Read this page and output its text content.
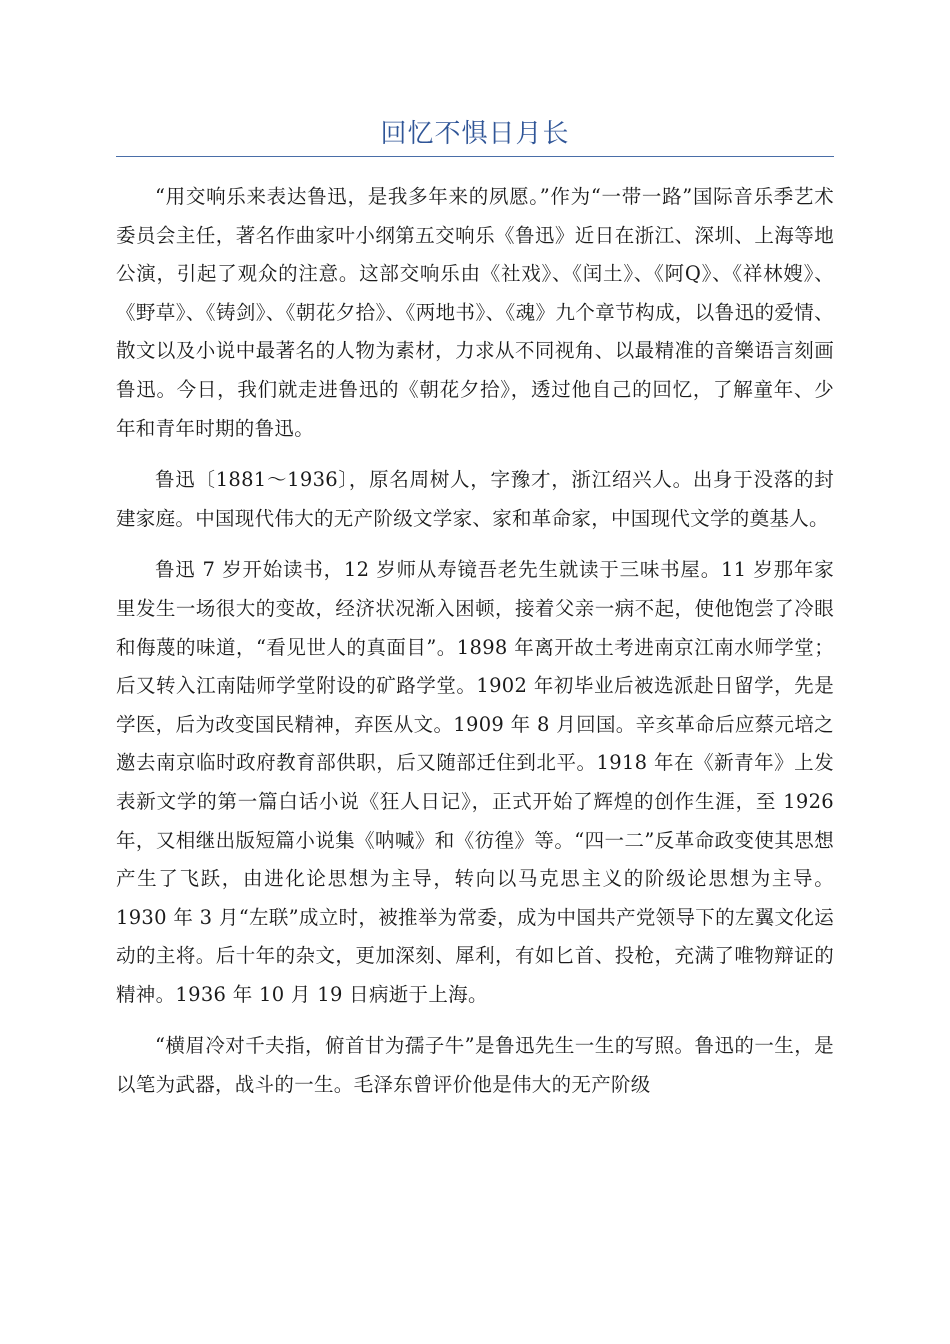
回忆不惧日月长

“用交响乐来表达鲁迅，是我多年来的夙愿。”作为“一带一路”国际音乐季艺术委员会主任，著名作曲家叶小纲第五交响乐《鲁迅》近日在浙江、深圳、上海等地公演，引起了观众的注意。这部交响乐由《社戏》、《闰土》、《阿Q》、《祥林嫂》、《野草》、《铸剑》、《朝花夕拾》、《两地书》、《魂》九个章节构成，以鲁迅的爱情、散文以及小说中最著名的人物为素材，力求从不同视角、以最精准的音樂语言刻画鲁迅。今日，我们就走进鲁迅的《朝花夕拾》，透过他自己的回忆，了解童年、少年和青年时期的鲁迅。

鲁迅〔1881～1936〕，原名周树人，字豫才，浙江绍兴人。出身于没落的封建家庭。中国现代伟大的无产阶级文学家、家和革命家，中国现代文学的奠基人。

鲁迅 7 岁开始读书，12 岁师从寿镜吾老先生就读于三味书屋。11 岁那年家里发生一场很大的变故，经济状况渐入困顿，接着父亲一病不起，使他饱尝了冷眼和侮蔑的味道，“看见世人的真面目”。1898 年离开故土考进南京江南水师学堂；后又转入江南陆师学堂附设的矿路学堂。1902 年初毕业后被选派赴日留学，先是学医，后为改变国民精神，弃医从文。1909 年 8 月回国。辛亥革命后应蔡元培之邀去南京临时政府教育部供职，后又随部迁住到北平。1918 年在《新青年》上发表新文学的第一篇白话小说《狂人日记》，正式开始了辉煌的创作生涯，至 1926 年，又相继出版短篇小说集《呐喊》和《彷徨》等。“四一二”反革命政变使其思想产生了飞跃，由进化论思想为主导，转向以马克思主义的阶级论思想为主导。1930 年 3 月“左联”成立时，被推举为常委，成为中国共产党领导下的左翼文化运动的主将。后十年的杂文，更加深刻、犀利，有如匕首、投枪，充满了唯物辩证的精神。1936 年 10 月 19 日病逝于上海。

“横眉冷对千夫指，俯首甘为孺子牛”是鲁迅先生一生的写照。鲁迅的一生，是以笔为武器，战斗的一生。毛泽东曾评价他是伟大的无产阶级
